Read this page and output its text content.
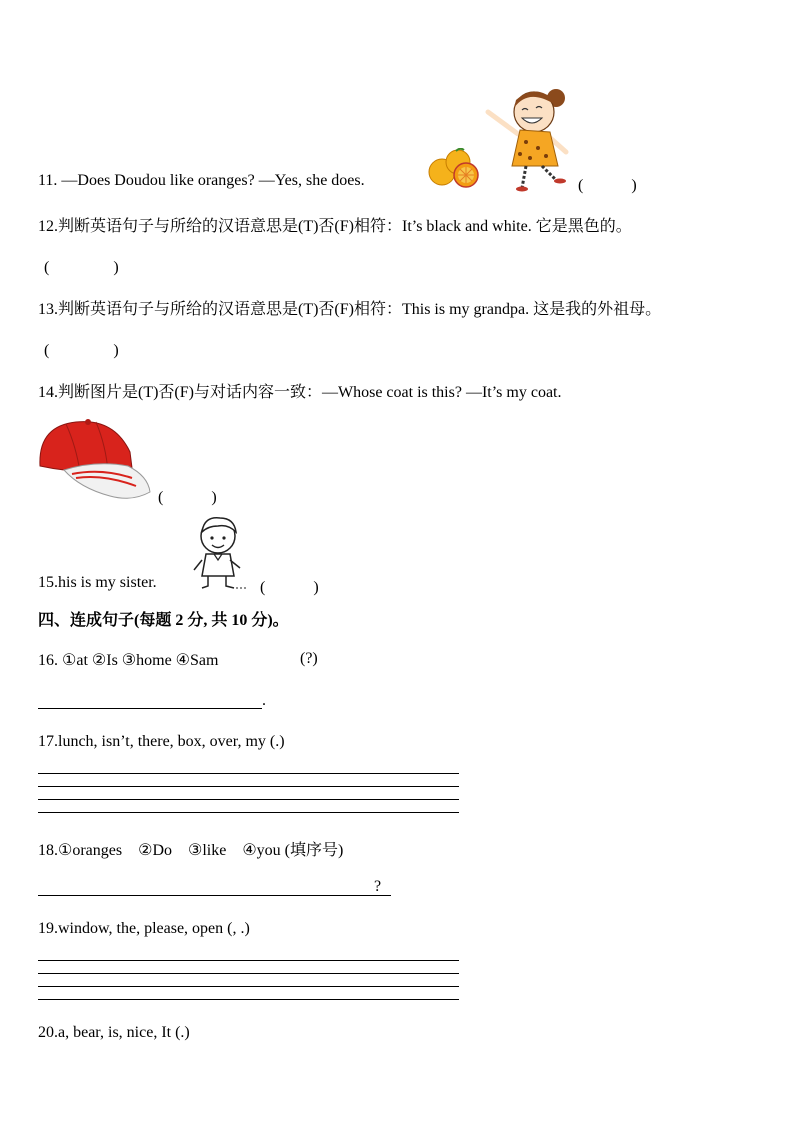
11. —Does Doudou like oranges? —Yes, she does.	(　　　)
12.判断英语句子与所给的汉语意思是(T)否(F)相符：It’s black and white. 它是黑色的。
(　　　　)
13.判断英语句子与所给的汉语意思是(T)否(F)相符：This is my grandpa. 这是我的外祖母。
(　　　　)
14.判断图片是(T)否(F)与对话内容一致：—Whose coat is this? —It’s my coat.
(　　　)
15.his is my sister.	(　　　)
四、连成句子(每题 2 分, 共 10 分)。
16. ①at ②Is ③home ④Sam	(?)
.
17.lunch, isn’t, there, box, over, my (.)
18.①oranges　②Do　③like　④you (填序号)
?
19.window, the, please, open (, .)
20.a, bear, is, nice, It (.)
